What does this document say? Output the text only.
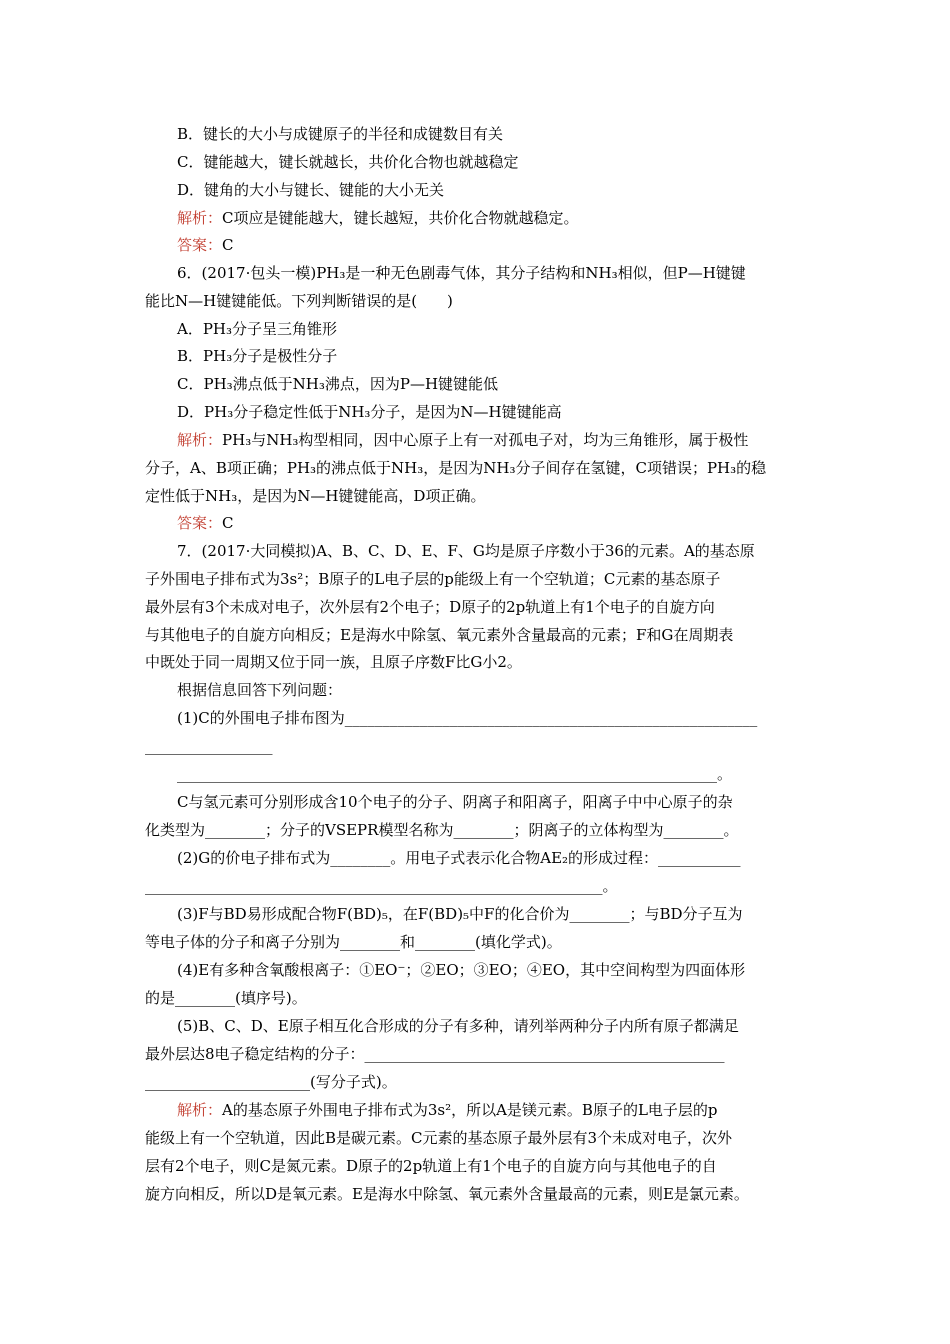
B．键长的大小与成键原子的半径和成键数目有关
C．键能越大，键长就越长，共价化合物也就越稳定
D．键角的大小与键长、键能的大小无关
解析：C项应是键能越大，键长越短，共价化合物就越稳定。
答案：C
6．(2017·包头一模)PH₃是一种无色剧毒气体，其分子结构和NH₃相似，但P—H键键
能比N—H键键能低。下列判断错误的是(　　)
A．PH₃分子呈三角锥形
B．PH₃分子是极性分子
C．PH₃沸点低于NH₃沸点，因为P—H键键能低
D．PH₃分子稳定性低于NH₃分子，是因为N—H键键能高
解析：PH₃与NH₃构型相同，因中心原子上有一对孤电子对，均为三角锥形，属于极性
分子，A、B项正确；PH₃的沸点低于NH₃，是因为NH₃分子间存在氢键，C项错误；PH₃的稳
定性低于NH₃，是因为N—H键键能高，D项正确。
答案：C
7．(2017·大同模拟)A、B、C、D、E、F、G均是原子序数小于36的元素。A的基态原
子外围电子排布式为3s²；B原子的L电子层的p能级上有一个空轨道；C元素的基态原子
最外层有3个未成对电子，次外层有2个电子；D原子的2p轨道上有1个电子的自旋方向
与其他电子的自旋方向相反；E是海水中除氢、氧元素外含量最高的元素；F和G在周期表
中既处于同一周期又位于同一族，且原子序数F比G小2。
根据信息回答下列问题：
(1)C的外围电子排布图为_______________________________________________________
_________________
________________________________________________________________________。
C与氢元素可分别形成含10个电子的分子、阴离子和阳离子，阳离子中中心原子的杂
化类型为________；分子的VSEPR模型名称为________；阴离子的立体构型为________。
(2)G的价电子排布式为________。用电子式表示化合物AE₂的形成过程：___________
_____________________________________________________________。
(3)F与BD易形成配合物F(BD)₅，在F(BD)₅中F的化合价为________；与BD分子互为
等电子体的分子和离子分别为________和________(填化学式)。
(4)E有多种含氧酸根离子：①EO⁻；②EO；③EO；④EO，其中空间构型为四面体形
的是________(填序号)。
(5)B、C、D、E原子相互化合形成的分子有多种，请列举两种分子内所有原子都满足
最外层达8电子稳定结构的分子：________________________________________________
______________________(写分子式)。
解析：A的基态原子外围电子排布式为3s²，所以A是镁元素。B原子的L电子层的p
能级上有一个空轨道，因此B是碳元素。C元素的基态原子最外层有3个未成对电子，次外
层有2个电子，则C是氮元素。D原子的2p轨道上有1个电子的自旋方向与其他电子的自
旋方向相反，所以D是氧元素。E是海水中除氢、氧元素外含量最高的元素，则E是氯元素。
